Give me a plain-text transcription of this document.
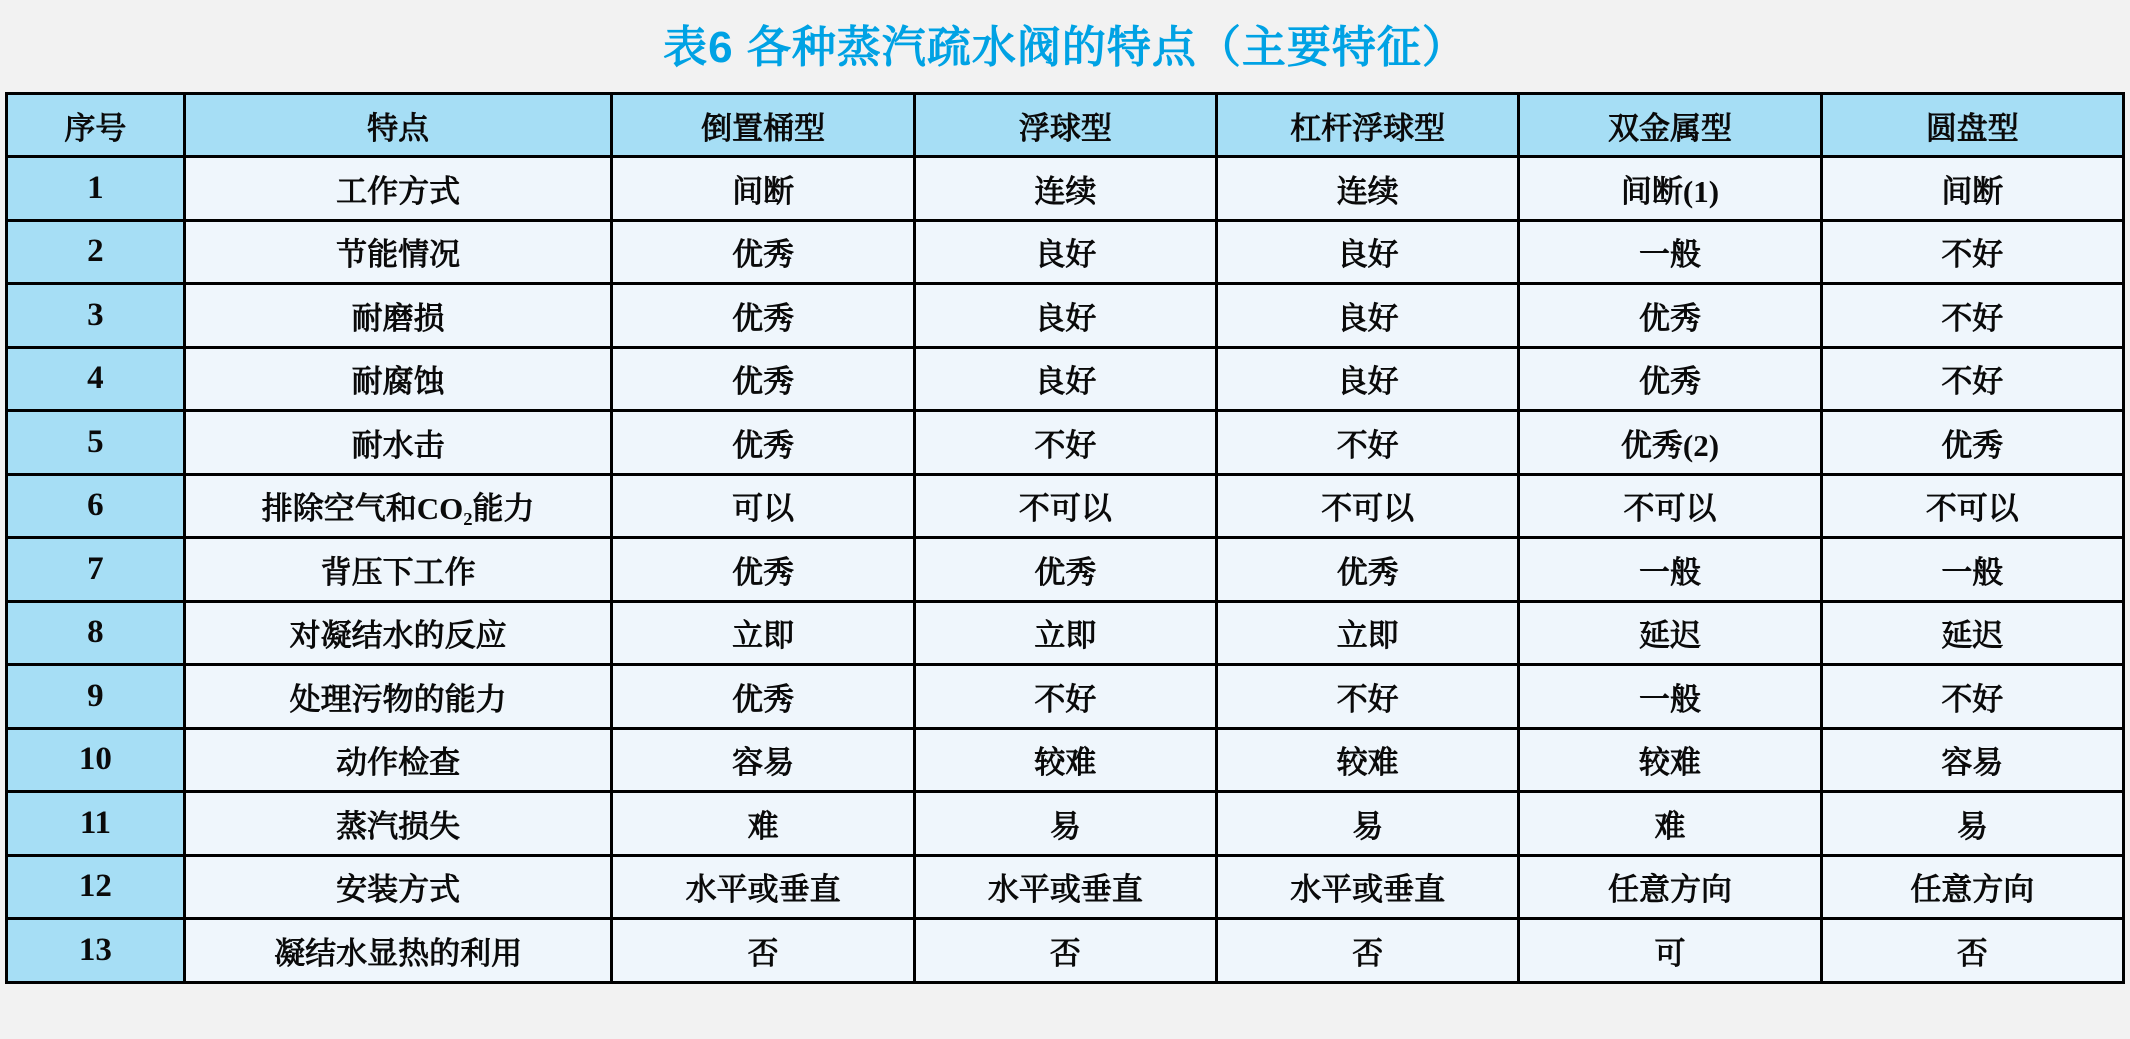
表6 各种蒸汽疏水阀的特点（主要特征）
序号	特点	倒置桶型	浮球型	杠杆浮球型	双金属型	圆盘型
1	工作方式	间断	连续	连续	间断(1)	间断
2	节能情况	优秀	良好	良好	一般	不好
3	耐磨损	优秀	良好	良好	优秀	不好
4	耐腐蚀	优秀	良好	良好	优秀	不好
5	耐水击	优秀	不好	不好	优秀(2)	优秀
6	排除空气和CO₂能力	可以	不可以	不可以	不可以	不可以
7	背压下工作	优秀	优秀	优秀	一般	一般
8	对凝结水的反应	立即	立即	立即	延迟	延迟
9	处理污物的能力	优秀	不好	不好	一般	不好
10	动作检查	容易	较难	较难	较难	容易
11	蒸汽损失	难	易	易	难	易
12	安装方式	水平或垂直	水平或垂直	水平或垂直	任意方向	任意方向
13	凝结水显热的利用	否	否	否	可	否
